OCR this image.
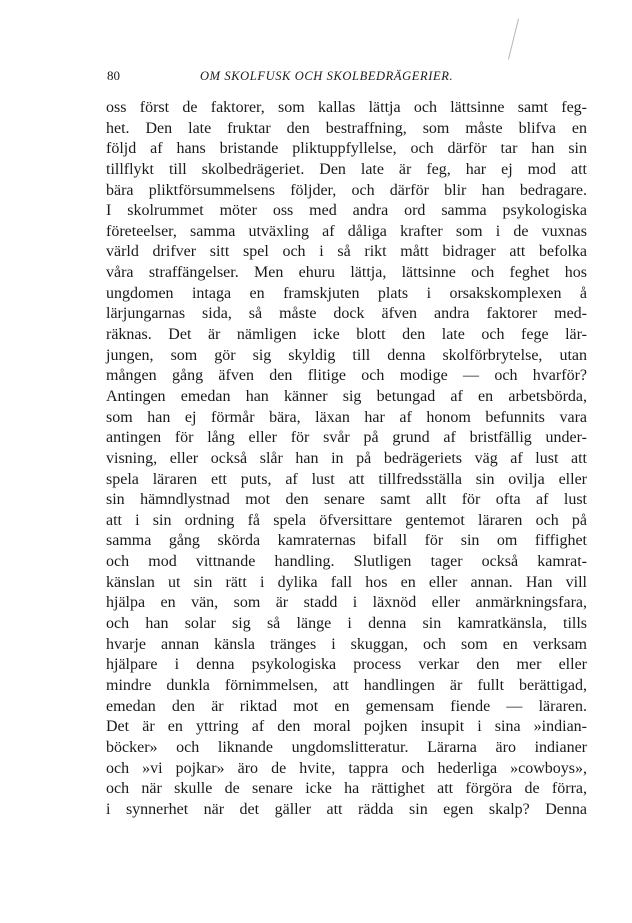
80	OM SKOLFUSK OCH SKOLBEDRÄGERIER.
oss först de faktorer, som kallas lättja och lättsinne samt feg-
het. Den late fruktar den bestraffning, som måste blifva en
följd af hans bristande pliktuppfyllelse, och därför tar han sin
tillflykt till skolbedrägeriet. Den late är feg, har ej mod att
bära pliktförsummelsens följder, och därför blir han bedragare.
I skolrummet möter oss med andra ord samma psykologiska
företeelser, samma utväxling af dåliga krafter som i de vuxnas
värld drifver sitt spel och i så rikt mått bidrager att befolka
våra straffängelser. Men ehuru lättja, lättsinne och feghet hos
ungdomen intaga en framskjuten plats i orsakskomplexen å
lärjungarnas sida, så måste dock äfven andra faktorer med-
räknas. Det är nämligen icke blott den late och fege lär-
jungen, som gör sig skyldig till denna skolförbrytelse, utan
mången gång äfven den flitige och modige — och hvarför?
Antingen emedan han känner sig betungad af en arbetsbörda,
som han ej förmår bära, läxan har af honom befunnits vara
antingen för lång eller för svår på grund af bristfällig under-
visning, eller också slår han in på bedrägeriets väg af lust att
spela läraren ett puts, af lust att tillfredsställa sin ovilja eller
sin hämndlystnad mot den senare samt allt för ofta af lust
att i sin ordning få spela öfversittare gentemot läraren och på
samma gång skörda kamraternas bifall för sin om fiffighet
och mod vittnande handling. Slutligen tager också kamrat-
känslan ut sin rätt i dylika fall hos en eller annan. Han vill
hjälpa en vän, som är stadd i läxnöd eller anmärkningsfara,
och han solar sig så länge i denna sin kamratkänsla, tills
hvarje annan känsla tränges i skuggan, och som en verksam
hjälpare i denna psykologiska process verkar den mer eller
mindre dunkla förnimmelsen, att handlingen är fullt berättigad,
emedan den är riktad mot en gemensam fiende — läraren.
Det är en yttring af den moral pojken insupit i sina »indian-
böcker» och liknande ungdomslitteratur. Lärarna äro indianer
och »vi pojkar» äro de hvite, tappra och hederliga »cowboys»,
och när skulle de senare icke ha rättighet att förgöra de förra,
i synnerhet när det gäller att rädda sin egen skalp? Denna
